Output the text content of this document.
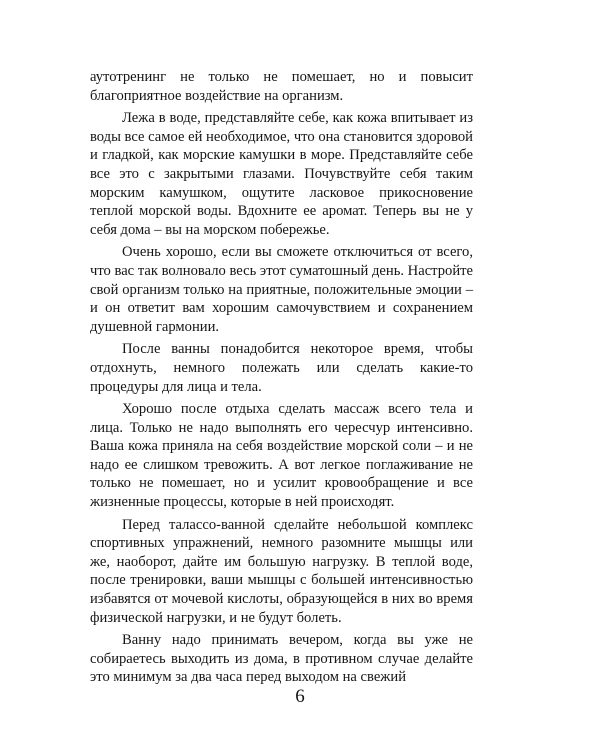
аутотренинг не только не помешает, но и повысит благоприятное воздействие на организм.

Лежа в воде, представляйте себе, как кожа впитывает из воды все самое ей необходимое, что она становится здоровой и гладкой, как морские камушки в море. Представляйте себе все это с закрытыми глазами. Почувствуйте себя таким морским камушком, ощутите ласковое прикосновение теплой морской воды. Вдохните ее аромат. Теперь вы не у себя дома – вы на морском побережье.

Очень хорошо, если вы сможете отключиться от всего, что вас так волновало весь этот суматошный день. Настройте свой организм только на приятные, положительные эмоции – и он ответит вам хорошим самочувствием и сохранением душевной гармонии.

После ванны понадобится некоторое время, чтобы отдохнуть, немного полежать или сделать какие-то процедуры для лица и тела.

Хорошо после отдыха сделать массаж всего тела и лица. Только не надо выполнять его чересчур интенсивно. Ваша кожа приняла на себя воздействие морской соли – и не надо ее слишком тревожить. А вот легкое поглаживание не только не помешает, но и усилит кровообращение и все жизненные процессы, которые в ней происходят.

Перед талассо-ванной сделайте небольшой комплекс спортивных упражнений, немного разомните мышцы или же, наоборот, дайте им большую нагрузку. В теплой воде, после тренировки, ваши мышцы с большей интенсивностью избавятся от мочевой кислоты, образующейся в них во время физической нагрузки, и не будут болеть.

Ванну надо принимать вечером, когда вы уже не собираетесь выходить из дома, в противном случае делайте это минимум за два часа перед выходом на свежий

6
